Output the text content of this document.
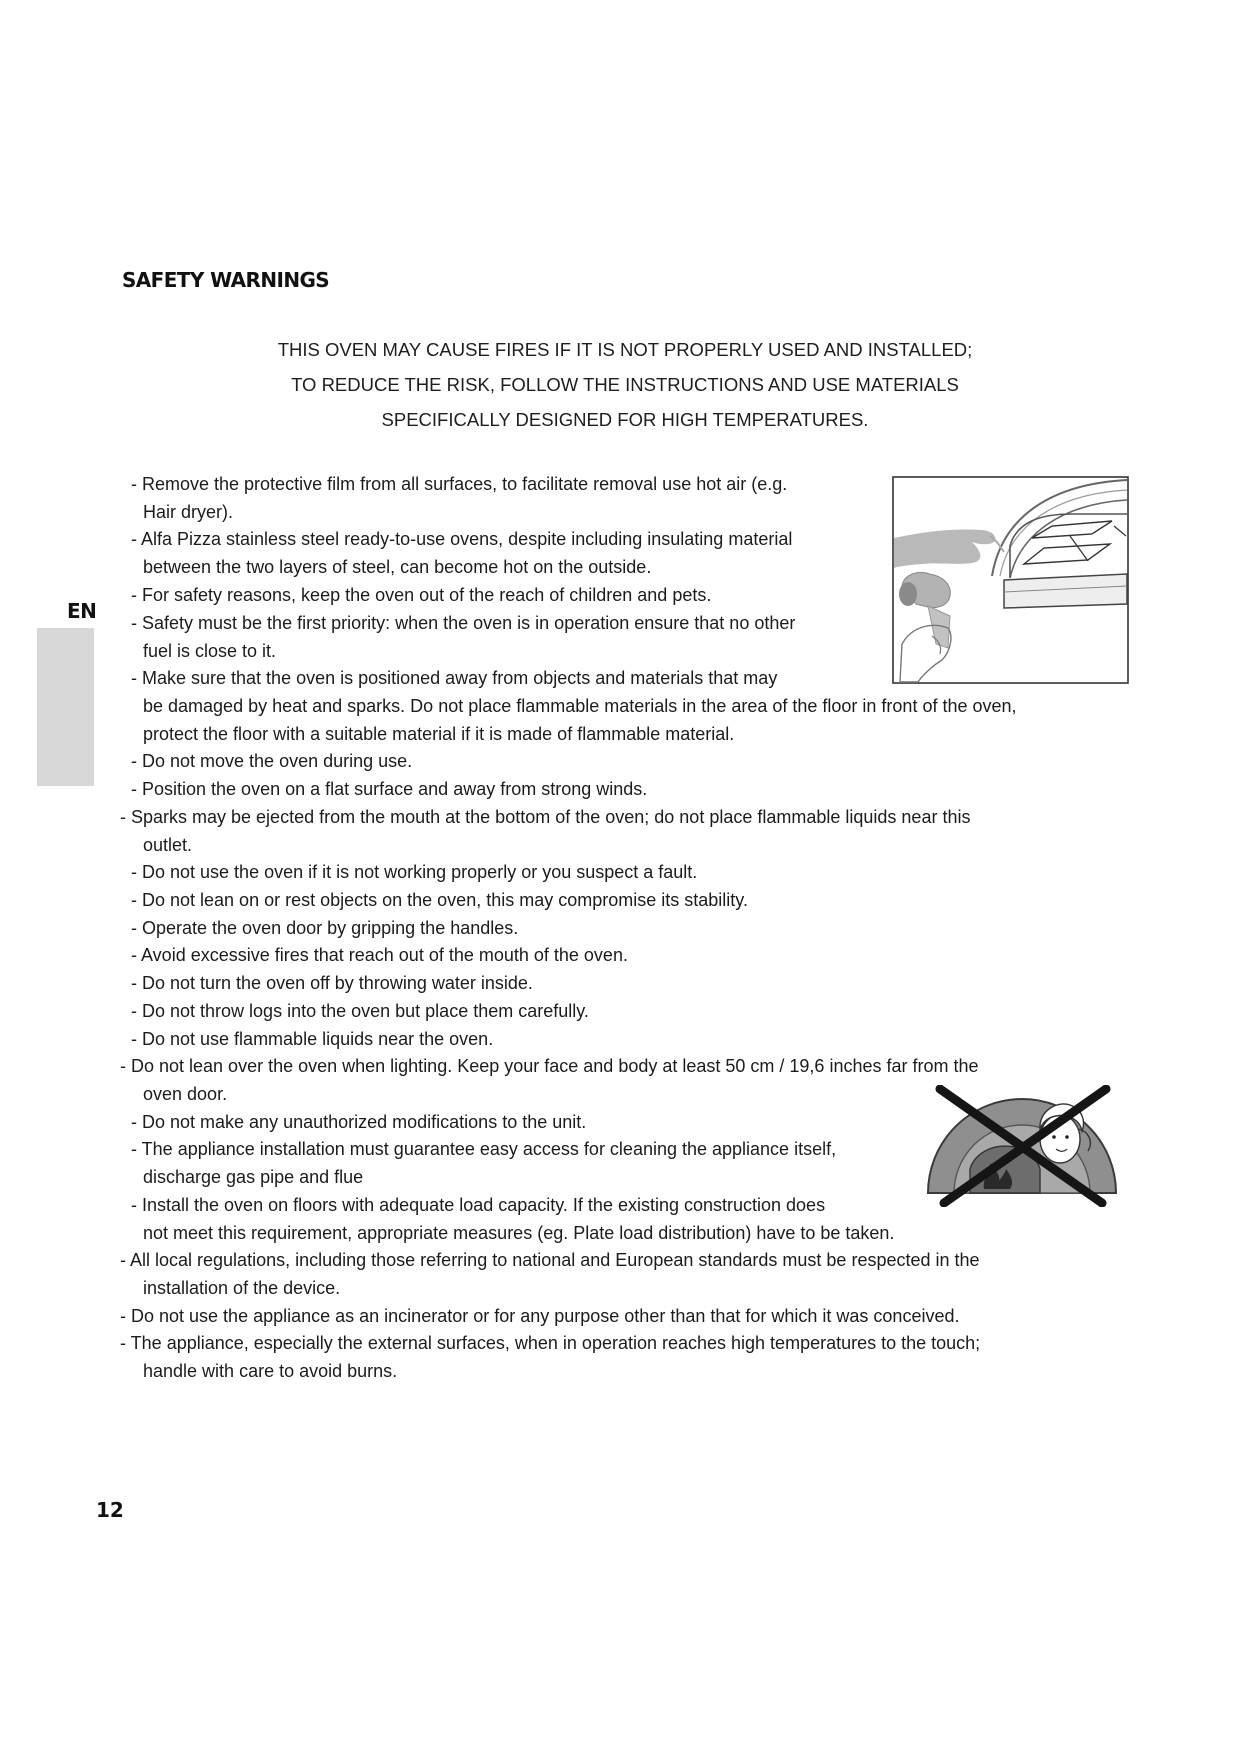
SAFETY WARNINGS
THIS OVEN MAY CAUSE FIRES IF IT IS NOT PROPERLY USED AND INSTALLED;
TO REDUCE THE RISK, FOLLOW THE INSTRUCTIONS AND USE MATERIALS
SPECIFICALLY DESIGNED FOR HIGH TEMPERATURES.
EN
- Remove the protective film from all surfaces, to facilitate removal use hot air (e.g.
Hair dryer).
- Alfa Pizza stainless steel ready-to-use ovens, despite including insulating material
between the two layers of steel, can become hot on the outside.
- For safety reasons, keep the oven out of the reach of children and pets.
- Safety must be the first priority: when the oven is in operation ensure that no other
fuel is close to it.
- Make sure that the oven is positioned away from objects and materials that may
be damaged by heat and sparks. Do not place flammable materials in the area of the floor in front of the oven,
protect the floor with a suitable material if it is made of flammable material.
- Do not move the oven during use.
- Position the oven on a flat surface and away from strong winds.
- Sparks may be ejected from the mouth at the bottom of the oven; do not place flammable liquids near this
outlet.
- Do not use the oven if it is not working properly or you suspect a fault.
- Do not lean on or rest objects on the oven, this may compromise its stability.
- Operate the oven door by gripping the handles.
- Avoid excessive fires that reach out of the mouth of the oven.
- Do not turn the oven off by throwing water inside.
- Do not throw logs into the oven but place them carefully.
- Do not use flammable liquids near the oven.
- Do not lean over the oven when lighting. Keep your face and body at least 50 cm / 19,6 inches far from the
oven door.
- Do not make any unauthorized modifications to the unit.
- The appliance installation must guarantee easy access for cleaning the appliance itself,
discharge gas pipe and flue
- Install the oven on floors with adequate load capacity. If the existing construction does
not meet this requirement, appropriate measures (eg. Plate load distribution) have to be taken.
- All local regulations, including those referring to national and European standards must be respected in the
installation of the device.
- Do not use the appliance as an incinerator or for any purpose other than that for which it was conceived.
- The appliance, especially the external surfaces, when in operation reaches high temperatures to the touch;
handle with care to avoid burns.
12
